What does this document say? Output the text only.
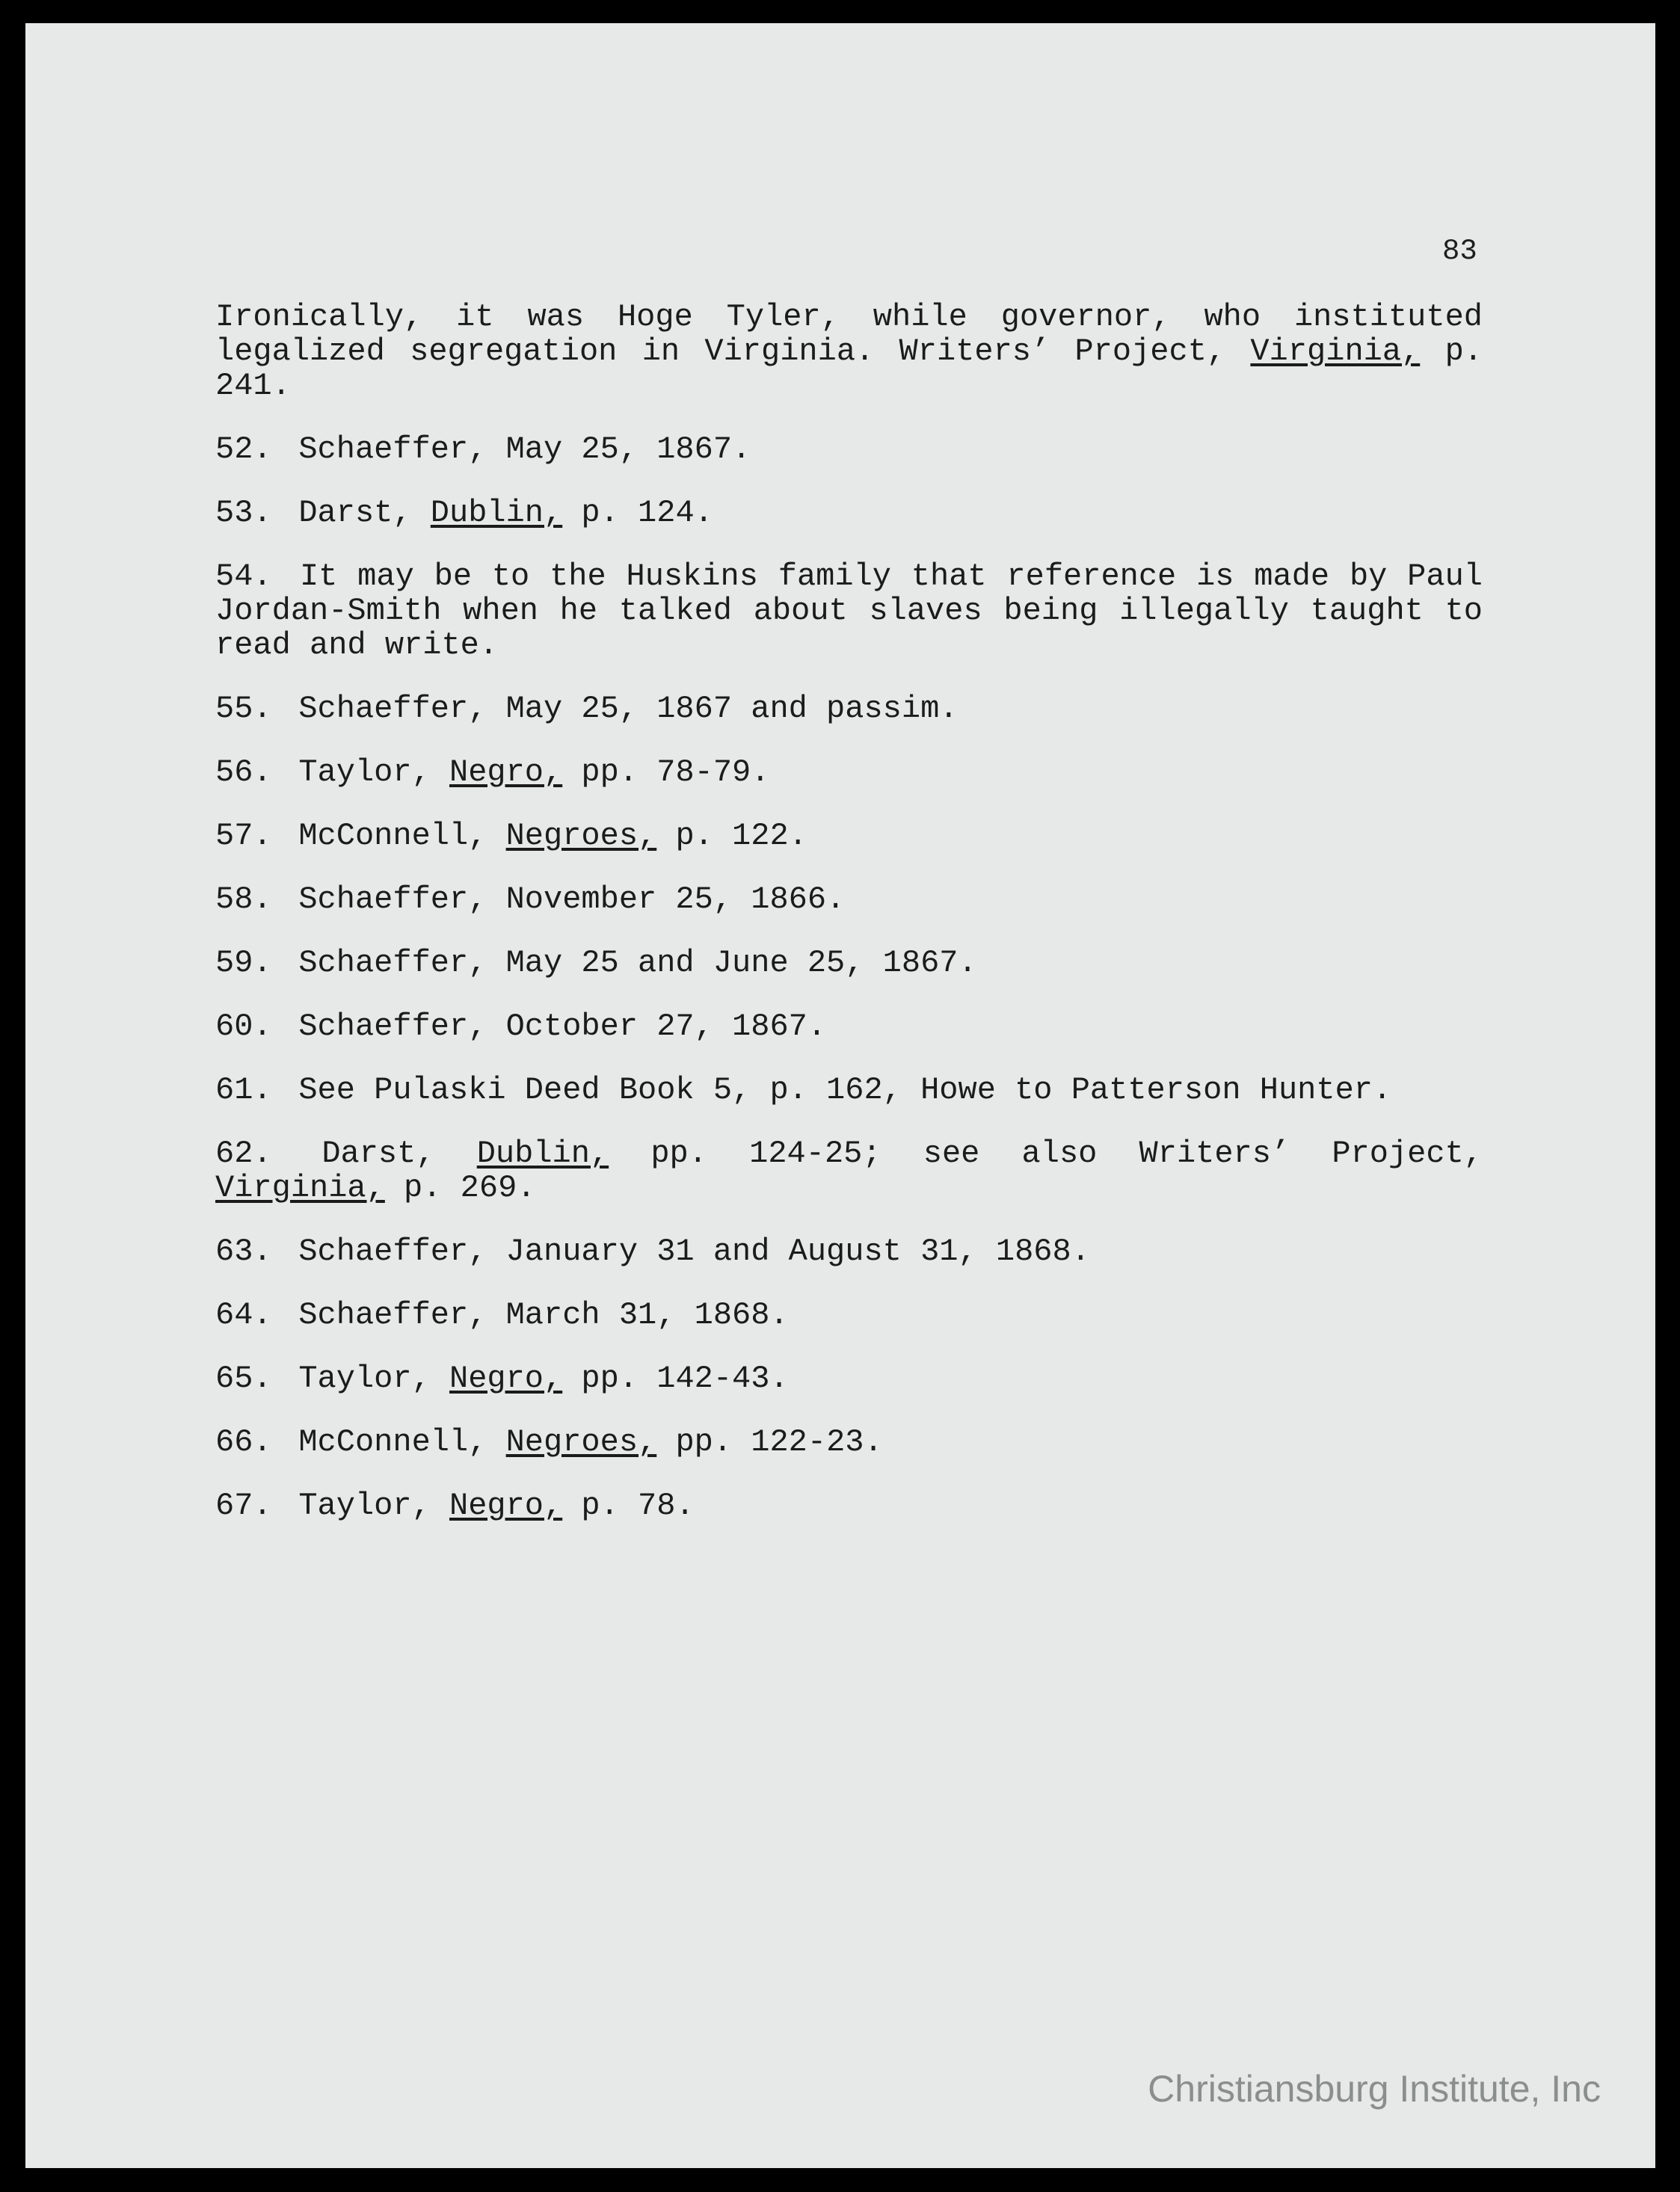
83

Ironically, it was Hoge Tyler, while governor, who instituted legalized segregation in Virginia. Writers’ Project, Virginia, p. 241.

52. Schaeffer, May 25, 1867.

53. Darst, Dublin, p. 124.

54. It may be to the Huskins family that reference is made by Paul Jordan-Smith when he talked about slaves being illegally taught to read and write.

55. Schaeffer, May 25, 1867 and passim.

56. Taylor, Negro, pp. 78-79.

57. McConnell, Negroes, p. 122.

58. Schaeffer, November 25, 1866.

59. Schaeffer, May 25 and June 25, 1867.

60. Schaeffer, October 27, 1867.

61. See Pulaski Deed Book 5, p. 162, Howe to Patterson Hunter.

62. Darst, Dublin, pp. 124-25; see also Writers’ Project, Virginia, p. 269.

63. Schaeffer, January 31 and August 31, 1868.

64. Schaeffer, March 31, 1868.

65. Taylor, Negro, pp. 142-43.

66. McConnell, Negroes, pp. 122-23.

67. Taylor, Negro, p. 78.

Christiansburg Institute, Inc
